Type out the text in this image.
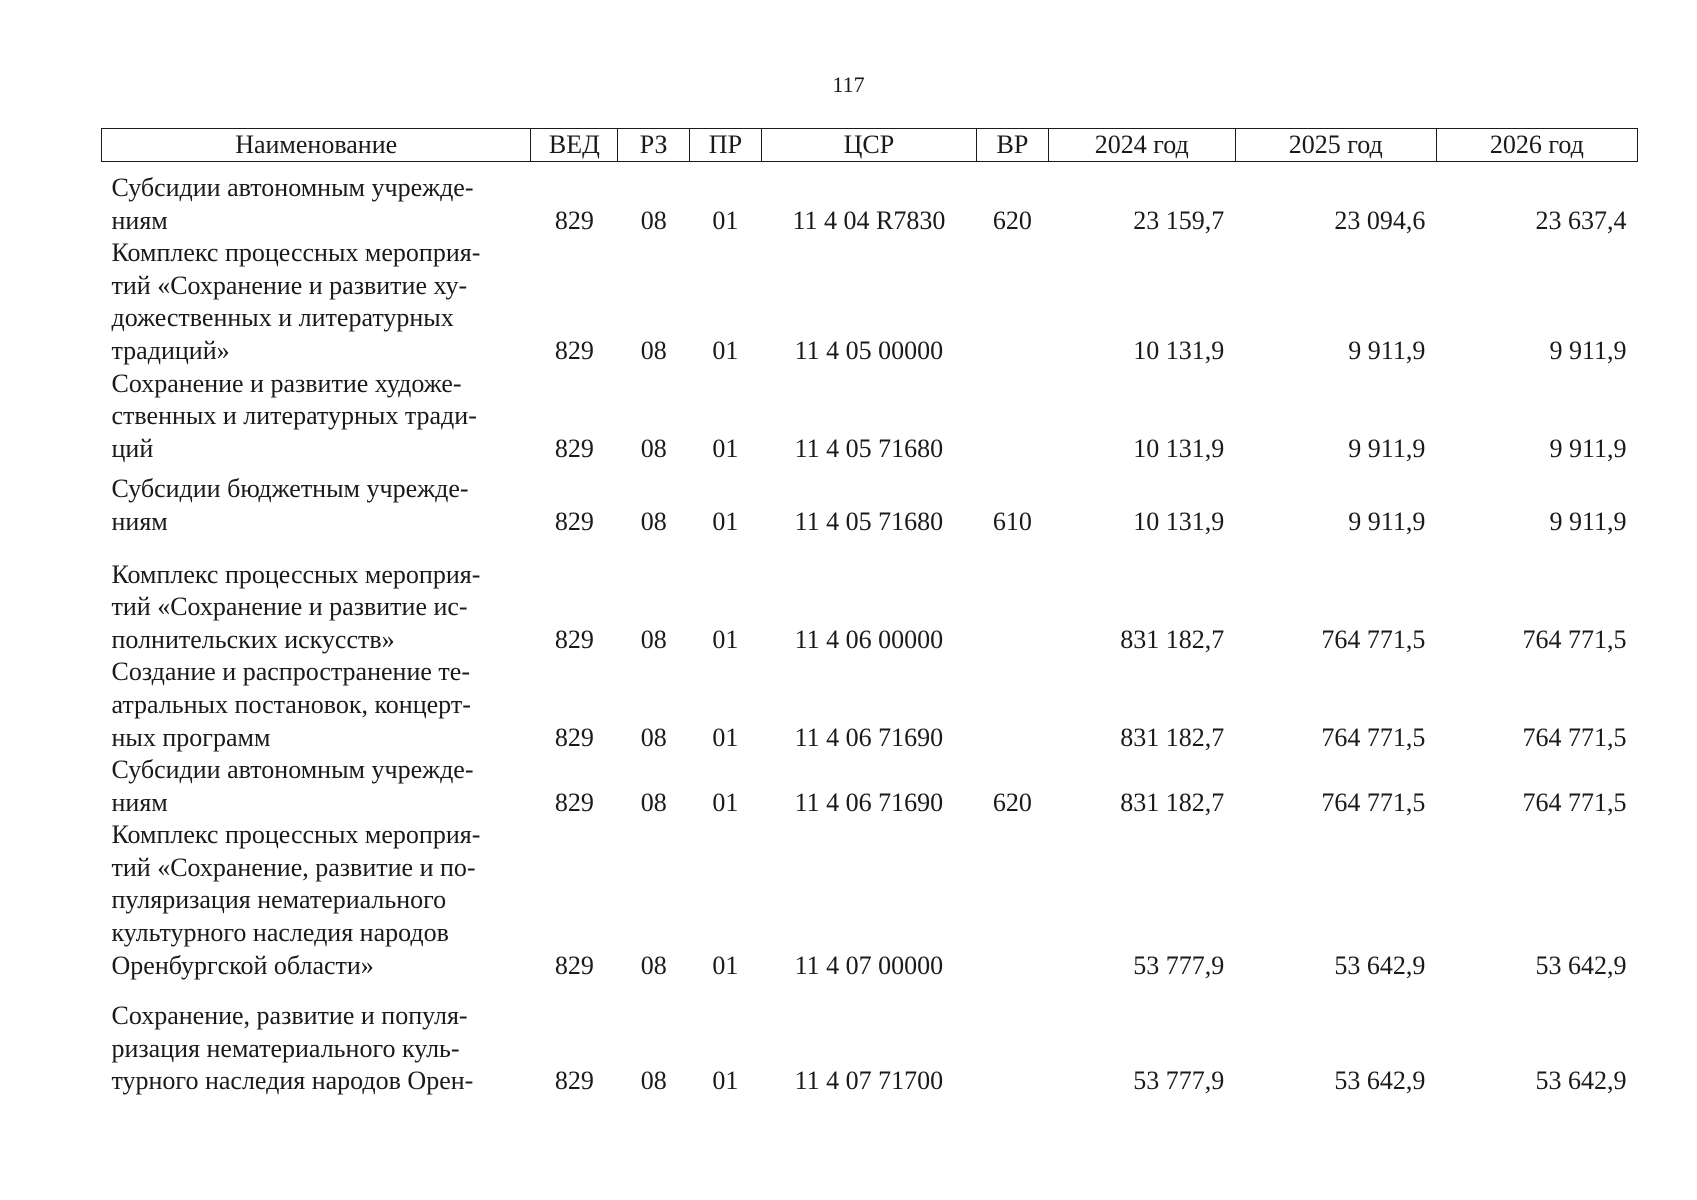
117
Наименование	ВЕД	РЗ	ПР	ЦСР	ВР	2024 год	2025 год	2026 год

Субсидии автономным учрежде-
ниям	829	08	01	11 4 04 R7830	620	23 159,7	23 094,6	23 637,4

Комплекс процессных мероприя-
тий «Сохранение и развитие ху-
дожественных и литературных
традиций»	829	08	01	11 4 05 00000		10 131,9	9 911,9	9 911,9

Сохранение и развитие художе-
ственных и литературных тради-
ций	829	08	01	11 4 05 71680		10 131,9	9 911,9	9 911,9

Субсидии бюджетным учрежде-
ниям	829	08	01	11 4 05 71680	610	10 131,9	9 911,9	9 911,9

Комплекс процессных мероприя-
тий «Сохранение и развитие ис-
полнительских искусств»	829	08	01	11 4 06 00000		831 182,7	764 771,5	764 771,5

Создание и распространение те-
атральных постановок, концерт-
ных программ	829	08	01	11 4 06 71690		831 182,7	764 771,5	764 771,5

Субсидии автономным учрежде-
ниям	829	08	01	11 4 06 71690	620	831 182,7	764 771,5	764 771,5

Комплекс процессных мероприя-
тий «Сохранение, развитие и по-
пуляризация нематериального
культурного наследия народов
Оренбургской области»	829	08	01	11 4 07 00000		53 777,9	53 642,9	53 642,9

Сохранение, развитие и популя-
ризация нематериального куль-
турного наследия народов Орен-	829	08	01	11 4 07 71700		53 777,9	53 642,9	53 642,9
